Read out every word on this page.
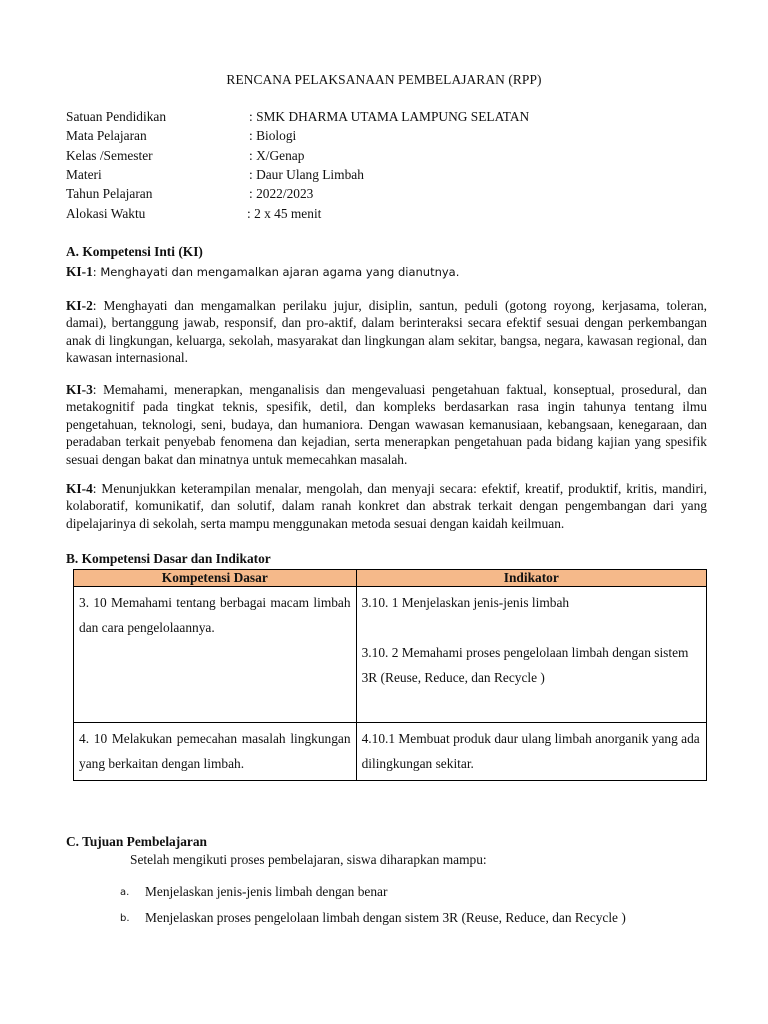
RENCANA PELAKSANAAN PEMBELAJARAN (RPP)
Satuan Pendidikan	: SMK DHARMA UTAMA LAMPUNG SELATAN
Mata Pelajaran	: Biologi
Kelas /Semester	: X/Genap
Materi	: Daur Ulang Limbah
Tahun Pelajaran	: 2022/2023
Alokasi Waktu	: 2 x 45 menit
A. Kompetensi Inti (KI)
KI-1: Menghayati dan mengamalkan ajaran agama yang dianutnya.
KI-2: Menghayati dan mengamalkan perilaku jujur, disiplin, santun, peduli (gotong royong, kerjasama, toleran, damai), bertanggung jawab, responsif, dan pro-aktif, dalam berinteraksi secara efektif sesuai dengan perkembangan anak di lingkungan, keluarga, sekolah, masyarakat dan lingkungan alam sekitar, bangsa, negara, kawasan regional, dan kawasan internasional.
KI-3: Memahami, menerapkan, menganalisis dan mengevaluasi pengetahuan faktual, konseptual, prosedural, dan metakognitif pada tingkat teknis, spesifik, detil, dan kompleks berdasarkan rasa ingin tahunya tentang ilmu pengetahuan, teknologi, seni, budaya, dan humaniora. Dengan wawasan kemanusiaan, kebangsaan, kenegaraan, dan peradaban terkait penyebab fenomena dan kejadian, serta menerapkan pengetahuan pada bidang kajian yang spesifik sesuai dengan bakat dan minatnya untuk memecahkan masalah.
KI-4: Menunjukkan keterampilan menalar, mengolah, dan menyaji secara: efektif, kreatif, produktif, kritis, mandiri, kolaboratif, komunikatif, dan solutif, dalam ranah konkret dan abstrak terkait dengan pengembangan dari yang dipelajarinya di sekolah, serta mampu menggunakan metoda sesuai dengan kaidah keilmuan.
B. Kompetensi Dasar dan Indikator
Kompetensi Dasar	Indikator
3. 10 Memahami tentang berbagai macam limbah dan cara pengelolaannya.	3.10. 1 Menjelaskan jenis-jenis limbah
3.10. 2 Memahami proses pengelolaan limbah dengan sistem 3R (Reuse, Reduce, dan Recycle )

4. 10 Melakukan pemecahan masalah lingkungan yang berkaitan dengan limbah.	4.10.1 Membuat produk daur ulang limbah anorganik yang ada dilingkungan sekitar.
C. Tujuan Pembelajaran
Setelah mengikuti proses pembelajaran, siswa diharapkan mampu:
a. Menjelaskan jenis-jenis limbah dengan benar
b. Menjelaskan proses pengelolaan limbah dengan sistem 3R (Reuse, Reduce, dan Recycle )
